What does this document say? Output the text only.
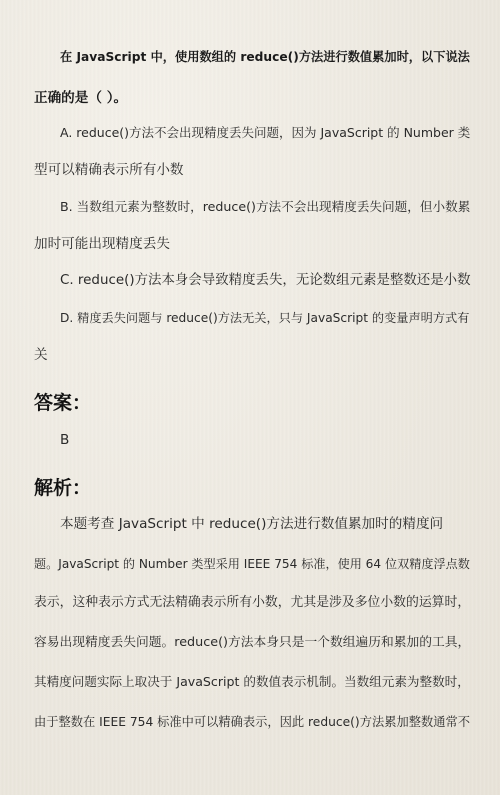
在 JavaScript 中，使用数组的 reduce()方法进行数值累加时，以下说法
正确的是（ ）。
A. reduce()方法不会出现精度丢失问题，因为 JavaScript 的 Number 类
型可以精确表示所有小数
B. 当数组元素为整数时，reduce()方法不会出现精度丢失问题，但小数累
加时可能出现精度丢失
C. reduce()方法本身会导致精度丢失，无论数组元素是整数还是小数
D. 精度丢失问题与 reduce()方法无关，只与 JavaScript 的变量声明方式有
关
答案：
B
解析：
本题考查 JavaScript 中 reduce()方法进行数值累加时的精度问
题。JavaScript 的 Number 类型采用 IEEE 754 标准，使用 64 位双精度浮点数
表示，这种表示方式无法精确表示所有小数，尤其是涉及多位小数的运算时，
容易出现精度丢失问题。reduce()方法本身只是一个数组遍历和累加的工具，
其精度问题实际上取决于 JavaScript 的数值表示机制。当数组元素为整数时，
由于整数在 IEEE 754 标准中可以精确表示，因此 reduce()方法累加整数通常不
